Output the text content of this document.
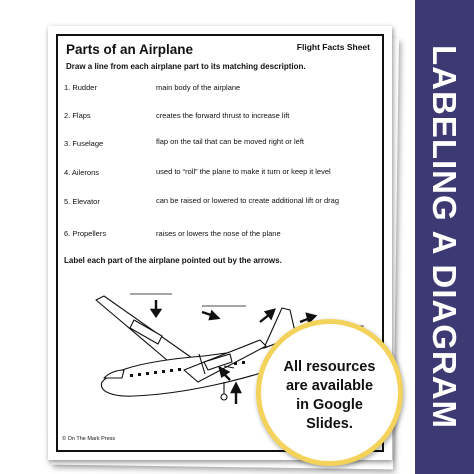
LABELING A DIAGRAM
Parts of an Airplane	Flight Facts Sheet
Draw a line from each airplane part to its matching description.
1. Rudder
2. Flaps
3. Fuselage
4. Ailerons
5. Elevator
6. Propellers
main body of the airplane
creates the forward thrust to increase lift
flap on the tail that can be moved right or left
used to “roll” the plane to make it turn or keep it level
can be raised or lowered to create additional lift or drag
raises or lowers the nose of the plane
Label each part of the airplane pointed out by the arrows.
© On The Mark Press
All resources
are available
in Google
Slides.
